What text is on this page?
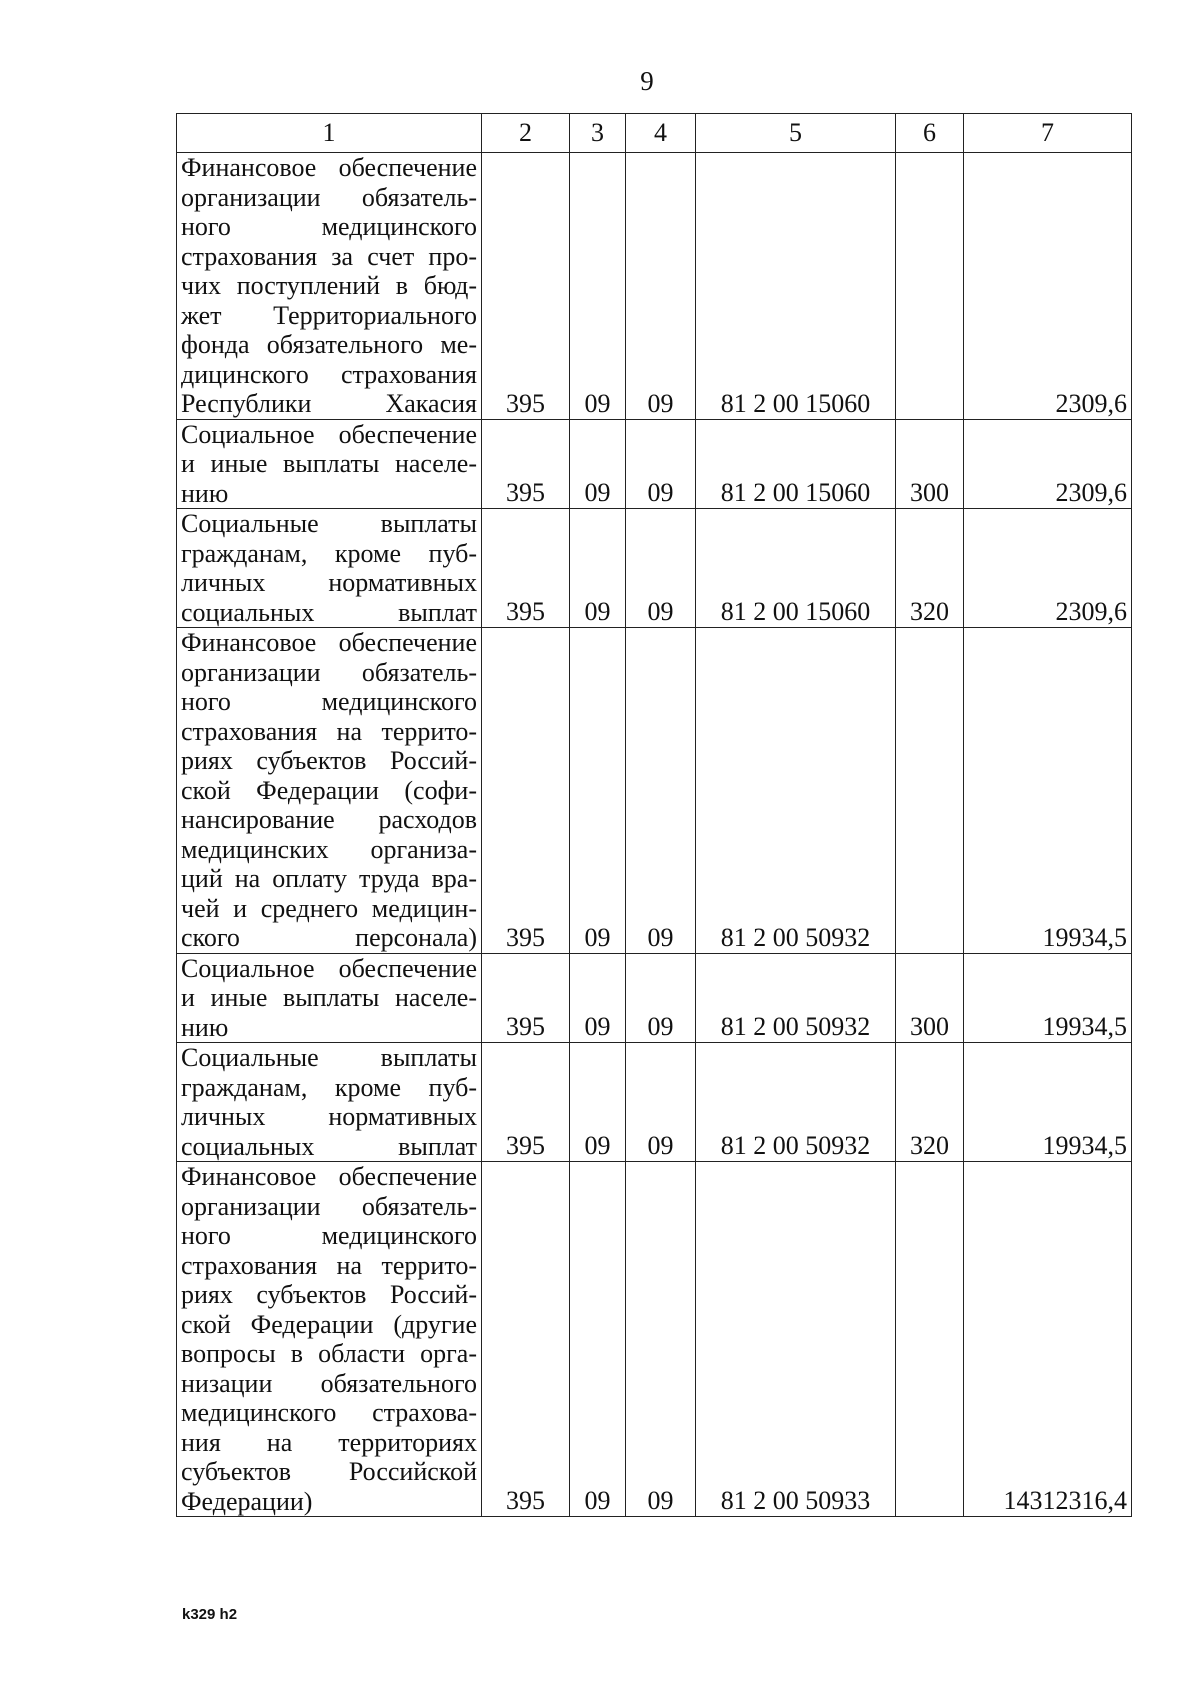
9
1	2	3	4	5	6	7
Финансовое обеспечение организации обязатель- ного медицинского страхования за счет про- чих поступлений в бюд- жет Территориального фонда обязательного ме- дицинского страхования Республики Хакасия	395	09	09	81 2 00 15060		2309,6
Социальное обеспечение и иные выплаты населе- нию	395	09	09	81 2 00 15060	300	2309,6
Социальные выплаты гражданам, кроме пуб- личных нормативных социальных выплат	395	09	09	81 2 00 15060	320	2309,6
Финансовое обеспечение организации обязатель- ного медицинского страхования на террито- риях субъектов Россий- ской Федерации (софи- нансирование расходов медицинских организа- ций на оплату труда вра- чей и среднего медицин- ского персонала)	395	09	09	81 2 00 50932		19934,5
Социальное обеспечение и иные выплаты населе- нию	395	09	09	81 2 00 50932	300	19934,5
Социальные выплаты гражданам, кроме пуб- личных нормативных социальных выплат	395	09	09	81 2 00 50932	320	19934,5
Финансовое обеспечение организации обязатель- ного медицинского страхования на террито- риях субъектов Россий- ской Федерации (другие вопросы в области орга- низации обязательного медицинского страхова- ния на территориях субъектов Российской Федерации)	395	09	09	81 2 00 50933		14312316,4
k329 h2
